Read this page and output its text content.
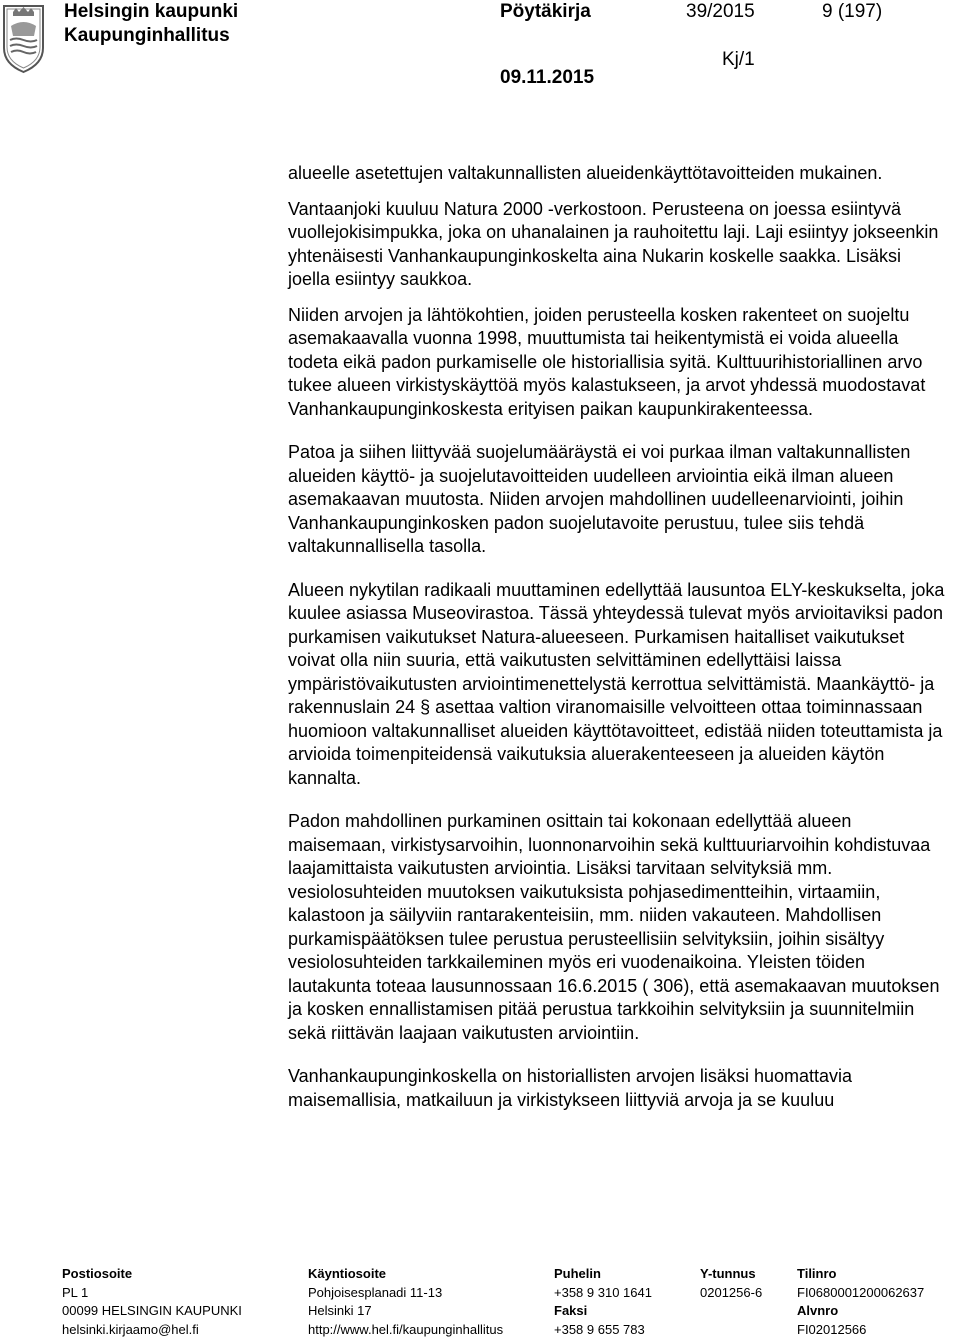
Helsingin kaupunki
Kaupunginhallitus
Pöytäkirja	39/2015	9 (197)
Kj/1
09.11.2015

alueelle asetettujen valtakunnallisten alueidenkäyttötavoitteiden mukainen.

Vantaanjoki kuuluu Natura 2000 -verkostoon. Perusteena on joessa esiintyvä vuollejokisimpukka, joka on uhanalainen ja rauhoitettu laji. Laji esiintyy jokseenkin yhtenäisesti Vanhankaupunginkoskelta aina Nukarin koskelle saakka. Lisäksi joella esiintyy saukkoa.

Niiden arvojen ja lähtökohtien, joiden perusteella kosken rakenteet on suojeltu asemakaavalla vuonna 1998, muuttumista tai heikentymistä ei voida alueella todeta eikä padon purkamiselle ole historiallisia syitä. Kulttuurihistoriallinen arvo tukee alueen virkistyskäyttöä myös kalastukseen, ja arvot yhdessä muodostavat Vanhankaupunginkoskesta erityisen paikan kaupunkirakenteessa.

Patoa ja siihen liittyvää suojelumääräystä ei voi purkaa ilman valtakunnallisten alueiden käyttö- ja suojelutavoitteiden uudelleen arviointia eikä ilman alueen asemakaavan muutosta. Niiden arvojen mahdollinen uudelleenarviointi, joihin Vanhankaupunginkosken padon suojelutavoite perustuu, tulee siis tehdä valtakunnallisella tasolla.

Alueen nykytilan radikaali muuttaminen edellyttää lausuntoa ELY-keskukselta, joka kuulee asiassa Museovirastoa. Tässä yhteydessä tulevat myös arvioitaviksi padon purkamisen vaikutukset Natura-alueeseen. Purkamisen haitalliset vaikutukset voivat olla niin suuria, että vaikutusten selvittäminen edellyttäisi laissa ympäristövaikutusten arviointimenettelystä kerrottua selvittämistä. Maankäyttö- ja rakennuslain 24 § asettaa valtion viranomaisille velvoitteen ottaa toiminnassaan huomioon valtakunnalliset alueiden käyttötavoitteet, edistää niiden toteuttamista ja arvioida toimenpiteidensä vaikutuksia aluerakenteeseen ja alueiden käytön kannalta.

Padon mahdollinen purkaminen osittain tai kokonaan edellyttää alueen maisemaan, virkistysarvoihin, luonnonarvoihin sekä kulttuuriarvoihin kohdistuvaa laajamittaista vaikutusten arviointia. Lisäksi tarvitaan selvityksiä mm. vesiolosuhteiden muutoksen vaikutuksista pohjasedimentteihin, virtaamiin, kalastoon ja säilyviin rantarakenteisiin, mm. niiden vakauteen. Mahdollisen purkamispäätöksen tulee perustua perusteellisiin selvityksiin, joihin sisältyy vesiolosuhteiden tarkkaileminen myös eri vuodenaikoina. Yleisten töiden lautakunta toteaa lausunnossaan 16.6.2015 ( 306), että asemakaavan muutoksen ja kosken ennallistamisen pitää perustua tarkkoihin selvityksiin ja suunnitelmiin sekä riittävän laajaan vaikutusten arviointiin.

Vanhankaupunginkoskella on historiallisten arvojen lisäksi huomattavia maisemallisia, matkailuun ja virkistykseen liittyviä arvoja ja se kuuluu

Postiosoite
PL 1
00099 HELSINGIN KAUPUNKI
helsinki.kirjaamo@hel.fi
Käyntiosoite
Pohjoisesplanadi 11-13
Helsinki 17
http://www.hel.fi/kaupunginhallitus
Puhelin
+358 9 310 1641
Faksi
+358 9 655 783
Y-tunnus
0201256-6
Tilinro
FI0680001200062637
Alvnro
FI02012566
